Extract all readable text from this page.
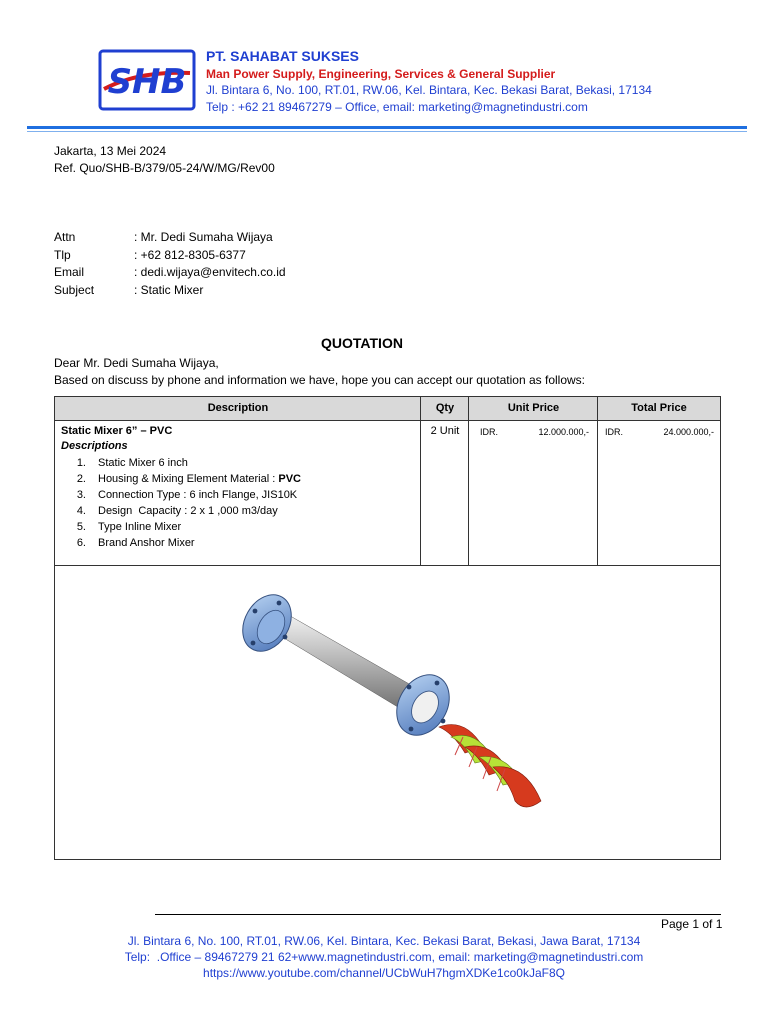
SHB
PT. SAHABAT SUKSES
Man Power Supply, Engineering, Services & General Supplier
Jl. Bintara 6, No. 100, RT.01, RW.06, Kel. Bintara, Kec. Bekasi Barat, Bekasi, 17134
Telp : +62 21 89467279 – Office, email: marketing@magnetindustri.com
Jakarta, 13 Mei 2024
Ref. Quo/SHB-B/379/05-24/W/MG/Rev00
Attn	: Mr. Dedi Sumaha Wijaya
Tlp	: +62 812-8305-6377
Email	: dedi.wijaya@envitech.co.id
Subject	: Static Mixer
QUOTATION
Dear Mr. Dedi Sumaha Wijaya,
Based on discuss by phone and information we have, hope you can accept our quotation as follows:
Description	Qty	Unit Price	Total Price
Static Mixer 6” – PVC
Descriptions
1.	Static Mixer 6 inch
2.	Housing & Mixing Element Material : PVC
3.	Connection Type : 6 inch Flange, JIS10K
4.	Design  Capacity : 2 x 1 ,000 m3/day
5.	Type Inline Mixer
6.	Brand Anshor Mixer
2 Unit	IDR.	12.000.000,- IDR.	24.000.000,-
Page 1 of 1
Jl. Bintara 6, No. 100, RT.01, RW.06, Kel. Bintara, Kec. Bekasi Barat, Bekasi, Jawa Barat, 17134
Telp:  .Office – 89467279 21 62+www.magnetindustri.com, email: marketing@magnetindustri.com
https://www.youtube.com/channel/UCbWuH7hgmXDKe1co0kJaF8Q
